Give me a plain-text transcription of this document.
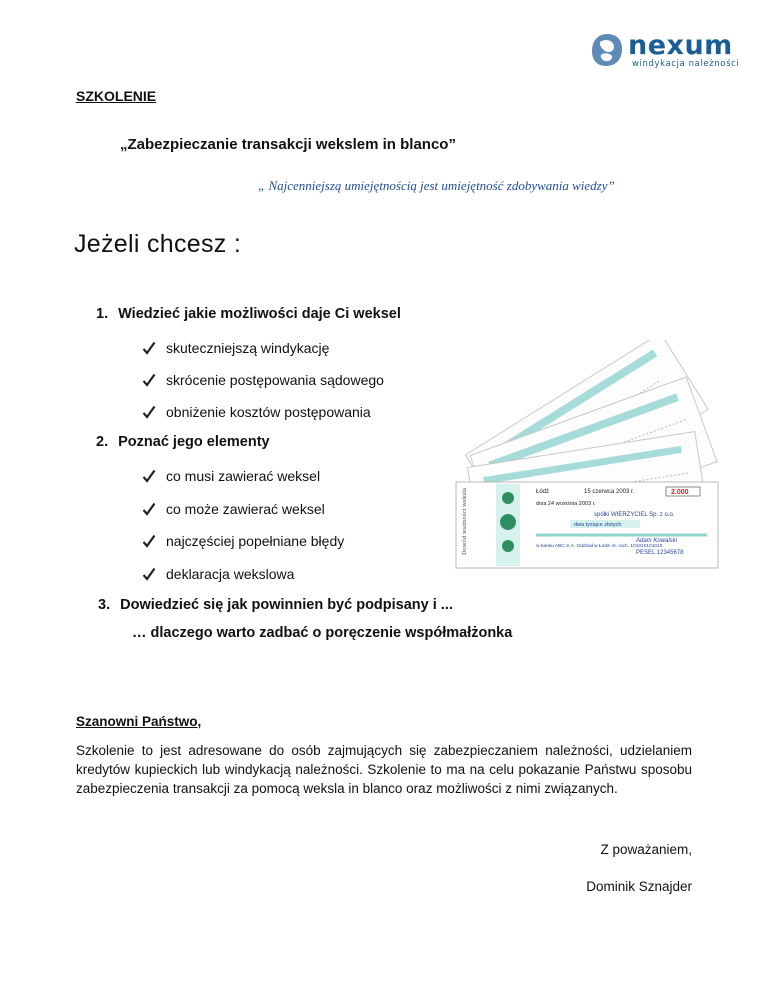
nexum
windykacja należności
SZKOLENIE
„Zabezpieczanie transakcji wekslem in blanco”
„ Najcenniejszą umiejętnością jest umiejętność zdobywania wiedzy”
Jeżeli chcesz :
1. Wiedzieć jakie możliwości daje Ci weksel
skuteczniejszą windykację
skrócenie postępowania sądowego
obniżenie kosztów postępowania
2. Poznać jego elementy
co musi zawierać weksel
co może zawierać weksel
najczęściej popełniane błędy
deklaracja wekslowa
3. Dowiedzieć się jak powinnien być podpisany i ...
… dlaczego warto zadbać o poręczenie współmałżonka
Dowód ważności weksla	Łódź	15 czerwca 2003 r.	2.000
dnia 24 września 2003 r.
spółki WIERZYCIEL Sp. z o.o.
dwa tysiące złotych
w banku ABC S.A. Oddział w Łodzi nr. rach. 101010101010
Adam Kowalski
PESEL 12345678
Szanowni Państwo,
Szkolenie to jest adresowane do osób zajmujących się zabezpieczaniem należności, udzielaniem kredytów kupieckich lub windykacją należności. Szkolenie to ma na celu pokazanie Państwu sposobu zabezpieczenia transakcji za pomocą weksla in blanco oraz możliwości z nimi związanych.
Z poważaniem,
Dominik Sznajder
